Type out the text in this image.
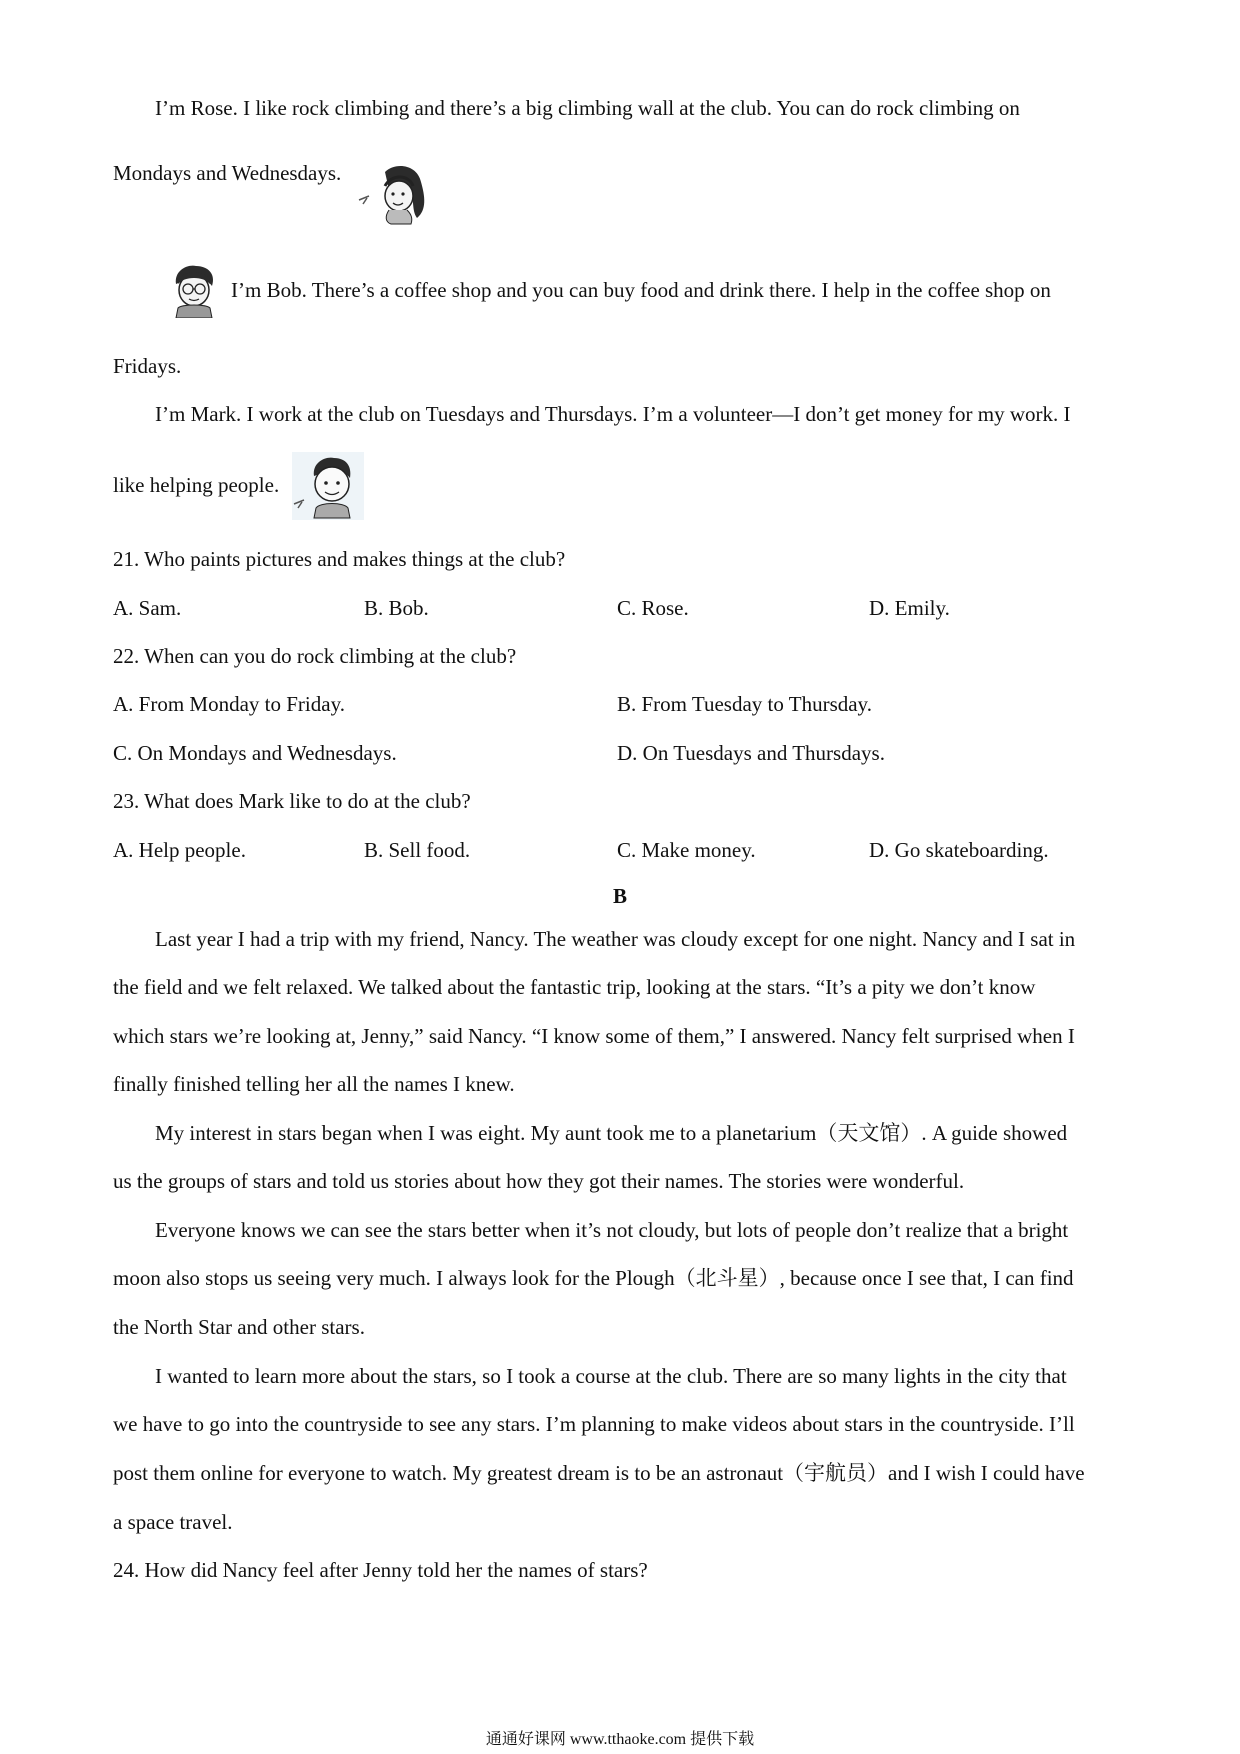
I’m Rose. I like rock climbing and there’s a big climbing wall at the club. You can do rock climbing on
Mondays and Wednesdays.
I’m Bob. There’s a coffee shop and you can buy food and drink there. I help in the coffee shop on
Fridays.
I’m Mark. I work at the club on Tuesdays and Thursdays. I’m a volunteer—I don’t get money for my work. I
like helping people.
21. Who paints pictures and makes things at the club?
A. Sam.	B. Bob.	C. Rose.	D. Emily.
22. When can you do rock climbing at the club?
A. From Monday to Friday.	B. From Tuesday to Thursday.
C. On Mondays and Wednesdays.	D. On Tuesdays and Thursdays.
23. What does Mark like to do at the club?
A. Help people.	B. Sell food.	C. Make money.	D. Go skateboarding.
B
Last year I had a trip with my friend, Nancy. The weather was cloudy except for one night. Nancy and I sat in
the field and we felt relaxed. We talked about the fantastic trip, looking at the stars. “It’s a pity we don’t know
which stars we’re looking at, Jenny,” said Nancy. “I know some of them,” I answered. Nancy felt surprised when I
finally finished telling her all the names I knew.
My interest in stars began when I was eight. My aunt took me to a planetarium（天文馆）. A guide showed
us the groups of stars and told us stories about how they got their names. The stories were wonderful.
Everyone knows we can see the stars better when it’s not cloudy, but lots of people don’t realize that a bright
moon also stops us seeing very much. I always look for the Plough（北斗星）, because once I see that, I can find
the North Star and other stars.
I wanted to learn more about the stars, so I took a course at the club. There are so many lights in the city that
we have to go into the countryside to see any stars. I’m planning to make videos about stars in the countryside. I’ll
post them online for everyone to watch. My greatest dream is to be an astronaut（宇航员）and I wish I could have
a space travel.
24. How did Nancy feel after Jenny told her the names of stars?
通通好课网 www.tthaoke.com 提供下载
